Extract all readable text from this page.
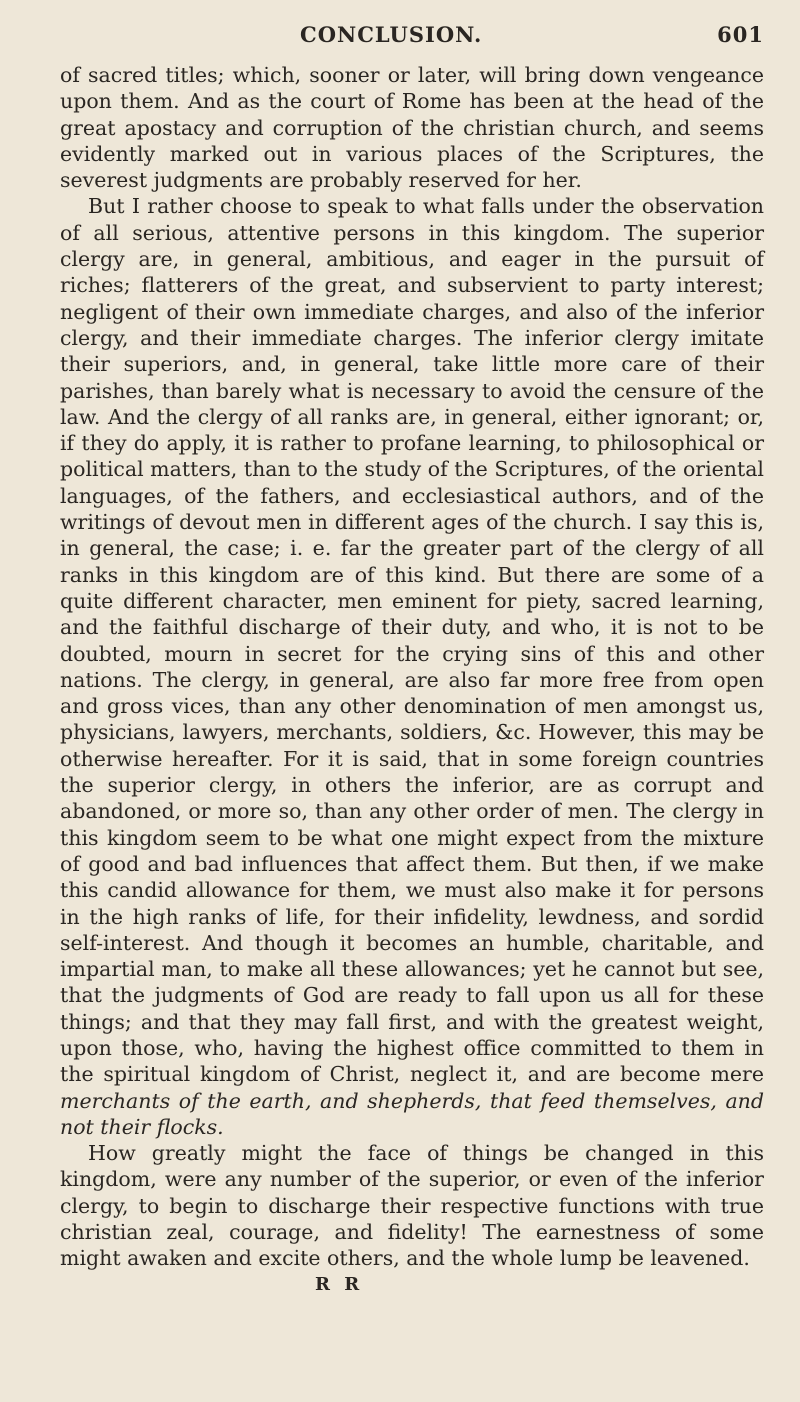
CONCLUSION.	601

of sacred titles; which, sooner or later, will bring down vengeance upon them. And as the court of Rome has been at the head of the great apostacy and corruption of the christian church, and seems evidently marked out in various places of the Scriptures, the severest judgments are probably reserved for her.

But I rather choose to speak to what falls under the observation of all serious, attentive persons in this kingdom. The superior clergy are, in general, ambitious, and eager in the pursuit of riches; flatterers of the great, and subservient to party interest; negligent of their own immediate charges, and also of the inferior clergy, and their immediate charges. The inferior clergy imitate their superiors, and, in general, take little more care of their parishes, than barely what is necessary to avoid the censure of the law. And the clergy of all ranks are, in general, either ignorant; or, if they do apply, it is rather to profane learning, to philosophical or political matters, than to the study of the Scriptures, of the oriental languages, of the fathers, and ecclesiastical authors, and of the writings of devout men in different ages of the church. I say this is, in general, the case; i. e. far the greater part of the clergy of all ranks in this kingdom are of this kind. But there are some of a quite different character, men eminent for piety, sacred learning, and the faithful discharge of their duty, and who, it is not to be doubted, mourn in secret for the crying sins of this and other nations. The clergy, in general, are also far more free from open and gross vices, than any other denomination of men amongst us, physicians, lawyers, merchants, soldiers, &c. However, this may be otherwise hereafter. For it is said, that in some foreign countries the superior clergy, in others the inferior, are as corrupt and abandoned, or more so, than any other order of men. The clergy in this kingdom seem to be what one might expect from the mixture of good and bad influences that affect them. But then, if we make this candid allowance for them, we must also make it for persons in the high ranks of life, for their infidelity, lewdness, and sordid self-interest. And though it becomes an humble, charitable, and impartial man, to make all these allowances; yet he cannot but see, that the judgments of God are ready to fall upon us all for these things; and that they may fall first, and with the greatest weight, upon those, who, having the highest office committed to them in the spiritual kingdom of Christ, neglect it, and are become mere merchants of the earth, and shepherds, that feed themselves, and not their flocks.

How greatly might the face of things be changed in this kingdom, were any number of the superior, or even of the inferior clergy, to begin to discharge their respective functions with true christian zeal, courage, and fidelity! The earnestness of some might awaken and excite others, and the whole lump be leavened.

R R
